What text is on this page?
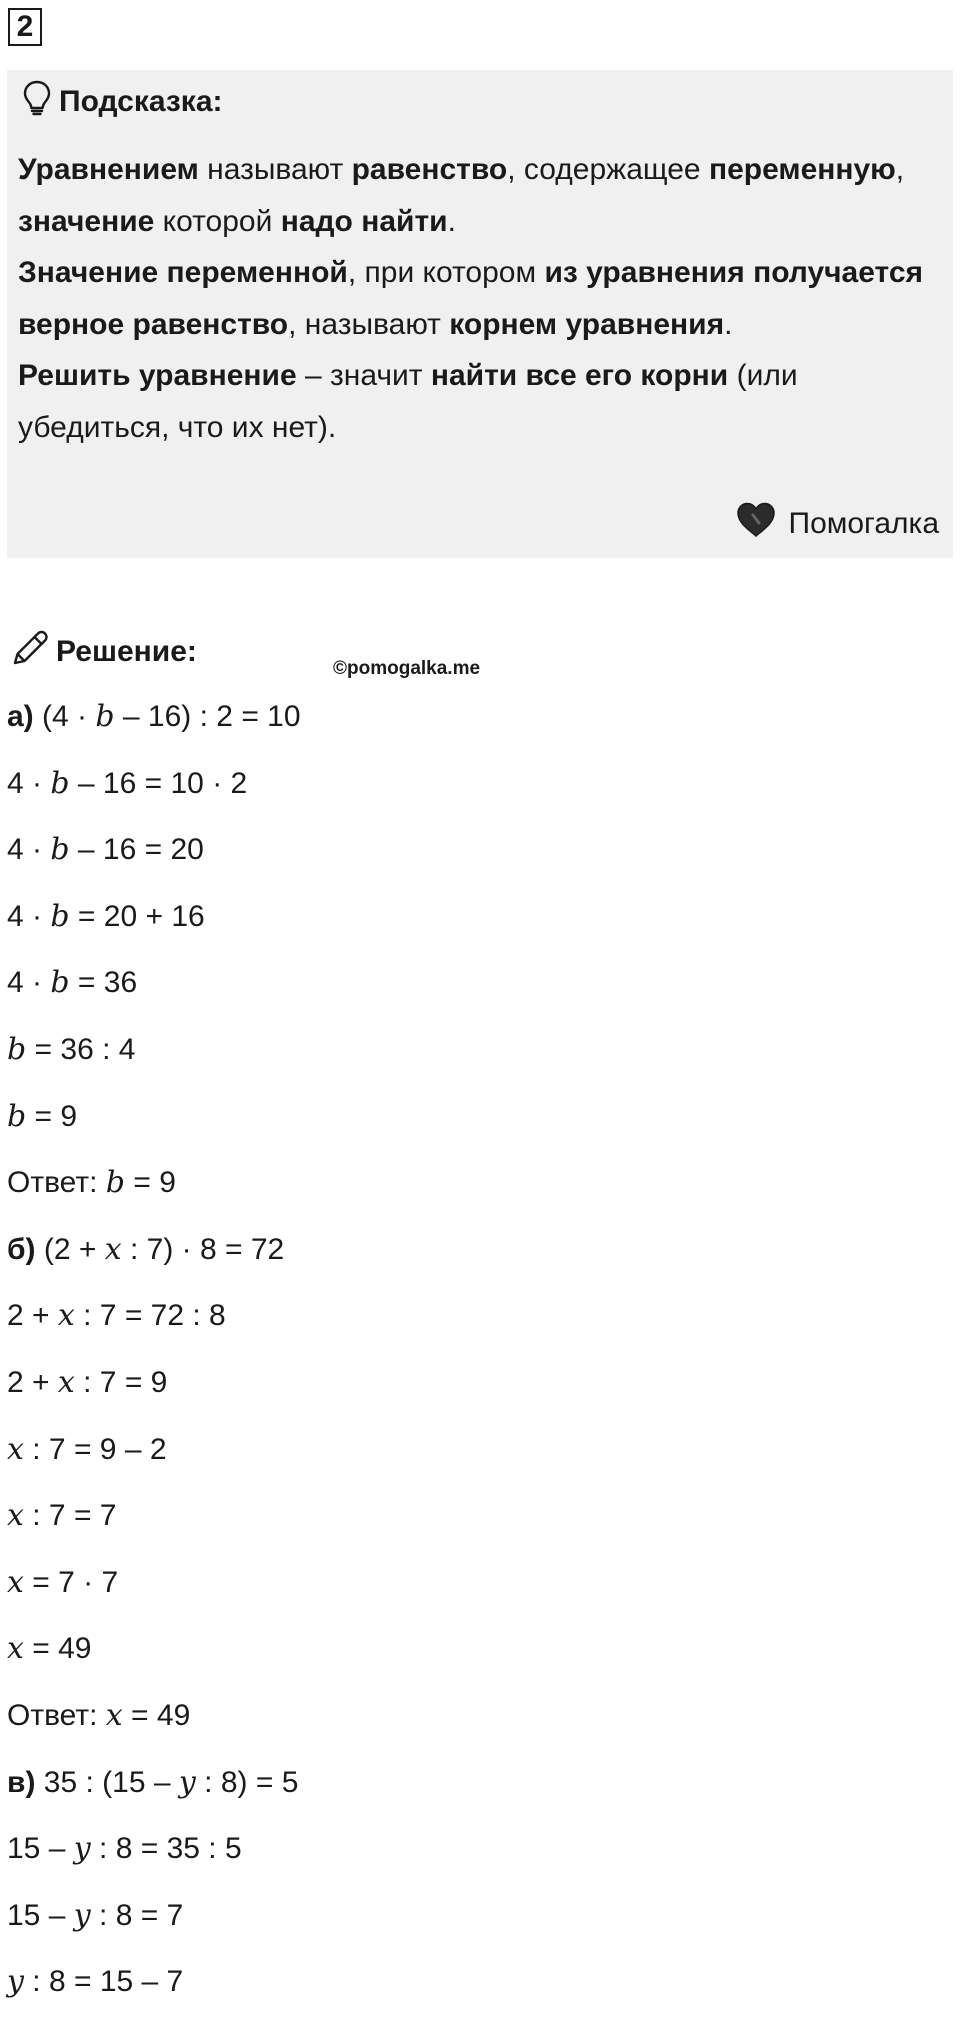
2
Подсказка:

Уравнением называют равенство, содержащее переменную, значение которой надо найти.

Значение переменной, при котором из уравнения получается верное равенство, называют корнем уравнения.

Решить уравнение – значит найти все его корни (или убедиться, что их нет).

Помогалка
Решение:
©pomogalka.me
а) (4 · b – 16) : 2 = 10
4 · b – 16 = 10 · 2
4 · b – 16 = 20
4 · b = 20 + 16
4 · b = 36
b = 36 : 4
b = 9
Ответ: b = 9
б) (2 + x : 7) · 8 = 72
2 + x : 7 = 72 : 8
2 + x : 7 = 9
x : 7 = 9 – 2
x : 7 = 7
x = 7 · 7
x = 49
Ответ: x = 49
в) 35 : (15 – y : 8) = 5
15 – y : 8 = 35 : 5
15 – y : 8 = 7
y : 8 = 15 – 7
